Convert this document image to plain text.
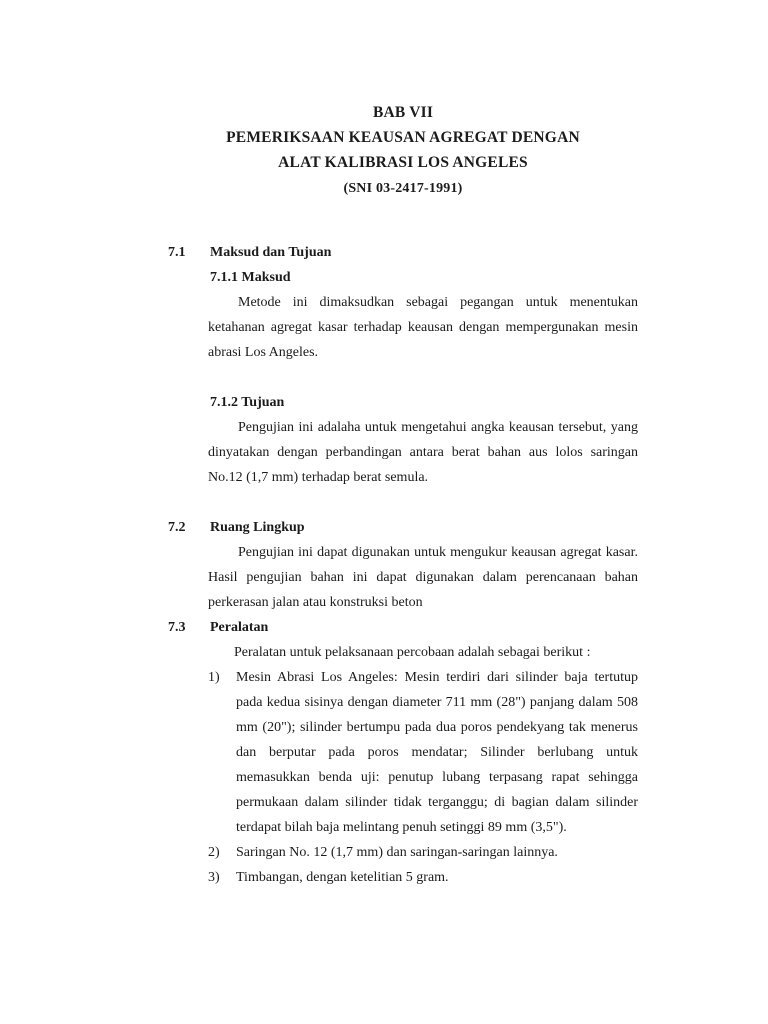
BAB VII
PEMERIKSAAN KEAUSAN AGREGAT DENGAN
ALAT KALIBRASI LOS ANGELES
(SNI 03-2417-1991)
7.1 Maksud dan Tujuan
7.1.1 Maksud
Metode ini dimaksudkan sebagai pegangan untuk menentukan ketahanan agregat kasar terhadap keausan dengan mempergunakan mesin abrasi Los Angeles.
7.1.2 Tujuan
Pengujian ini adalaha untuk mengetahui angka keausan tersebut, yang dinyatakan dengan perbandingan antara berat bahan aus lolos saringan No.12 (1,7 mm) terhadap berat semula.
7.2 Ruang Lingkup
Pengujian ini dapat digunakan untuk mengukur keausan agregat kasar. Hasil pengujian bahan ini dapat digunakan dalam perencanaan bahan perkerasan jalan atau konstruksi beton
7.3 Peralatan
Peralatan untuk pelaksanaan percobaan adalah sebagai berikut :
1) Mesin Abrasi Los Angeles: Mesin terdiri dari silinder baja tertutup pada kedua sisinya dengan diameter 711 mm (28") panjang dalam 508 mm (20"); silinder bertumpu pada dua poros pendekyang tak menerus dan berputar pada poros mendatar; Silinder berlubang untuk memasukkan benda uji: penutup lubang terpasang rapat sehingga permukaan dalam silinder tidak terganggu; di bagian dalam silinder terdapat bilah baja melintang penuh setinggi 89 mm (3,5").
2) Saringan No. 12 (1,7 mm) dan saringan-saringan lainnya.
3) Timbangan, dengan ketelitian 5 gram.
